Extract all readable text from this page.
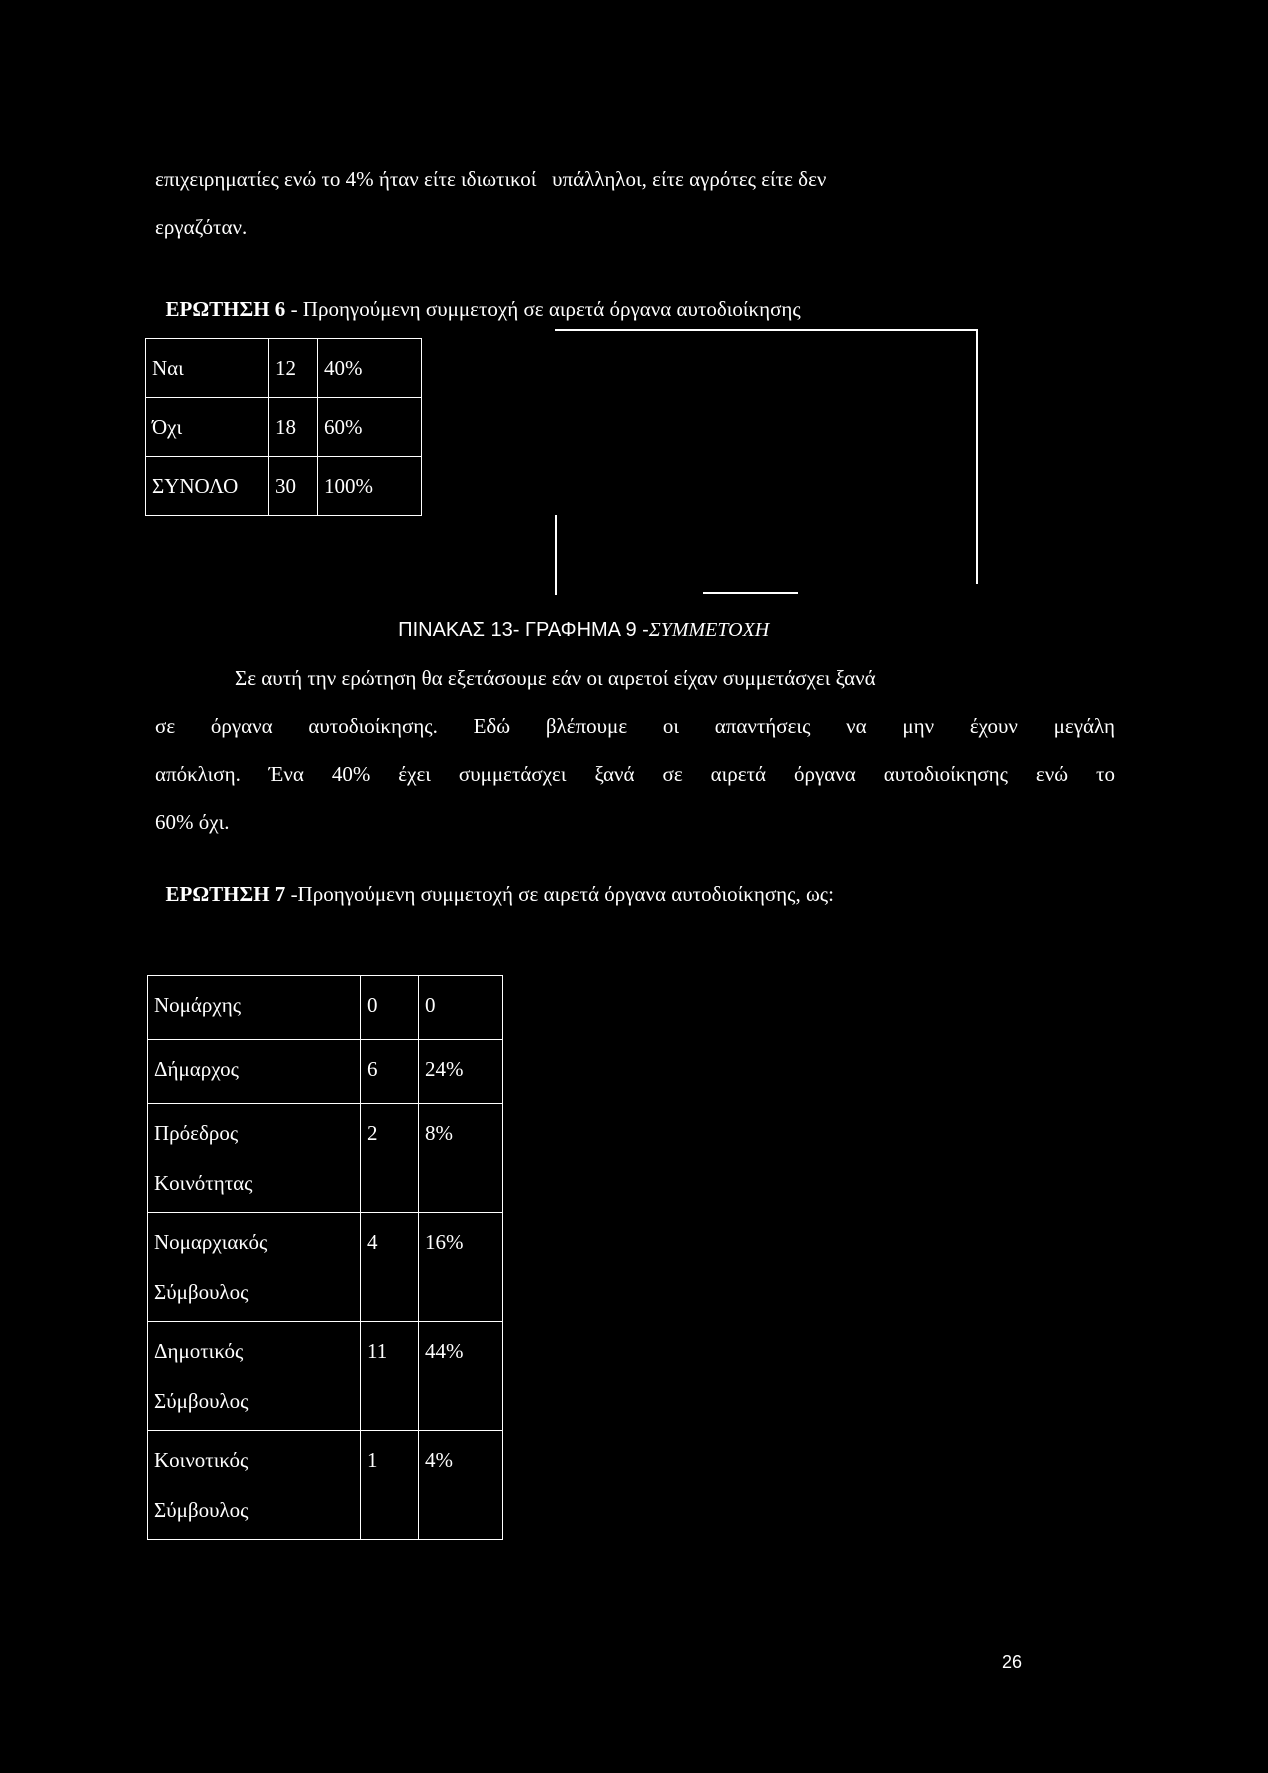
επιχειρηματίες ενώ το 4% ήταν είτε ιδιωτικοί   υπάλληλοι, είτε αγρότες είτε δεν
εργαζόταν.

ΕΡΩΤΗΣΗ 6 - Προηγούμενη συμμετοχή σε αιρετά όργανα αυτοδιοίκησης

Ναι	12	40%
Όχι	18	60%
ΣΥΝΟΛΟ	30	100%

ΠΙΝΑΚΑΣ 13- ΓΡΑΦΗΜΑ 9 -ΣΥΜΜΕΤΟΧΗ

Σε αυτή την ερώτηση θα εξετάσουμε εάν οι αιρετοί είχαν συμμετάσχει ξανά
σε όργανα αυτοδιοίκησης. Εδώ βλέπουμε οι απαντήσεις να μην έχουν μεγάλη
απόκλιση. Ένα 40% έχει συμμετάσχει ξανά σε αιρετά όργανα αυτοδιοίκησης ενώ το
60% όχι.

ΕΡΩΤΗΣΗ 7 -Προηγούμενη συμμετοχή σε αιρετά όργανα αυτοδιοίκησης, ως:

Νομάρχης	0	0

Δήμαρχος	6	24%

Πρόεδρος
Κοινότητας	2	8%

Νομαρχιακός
Σύμβουλος	4	16%

Δημοτικός
Σύμβουλος	11	44%

Κοινοτικός
Σύμβουλος	1	4%
26
